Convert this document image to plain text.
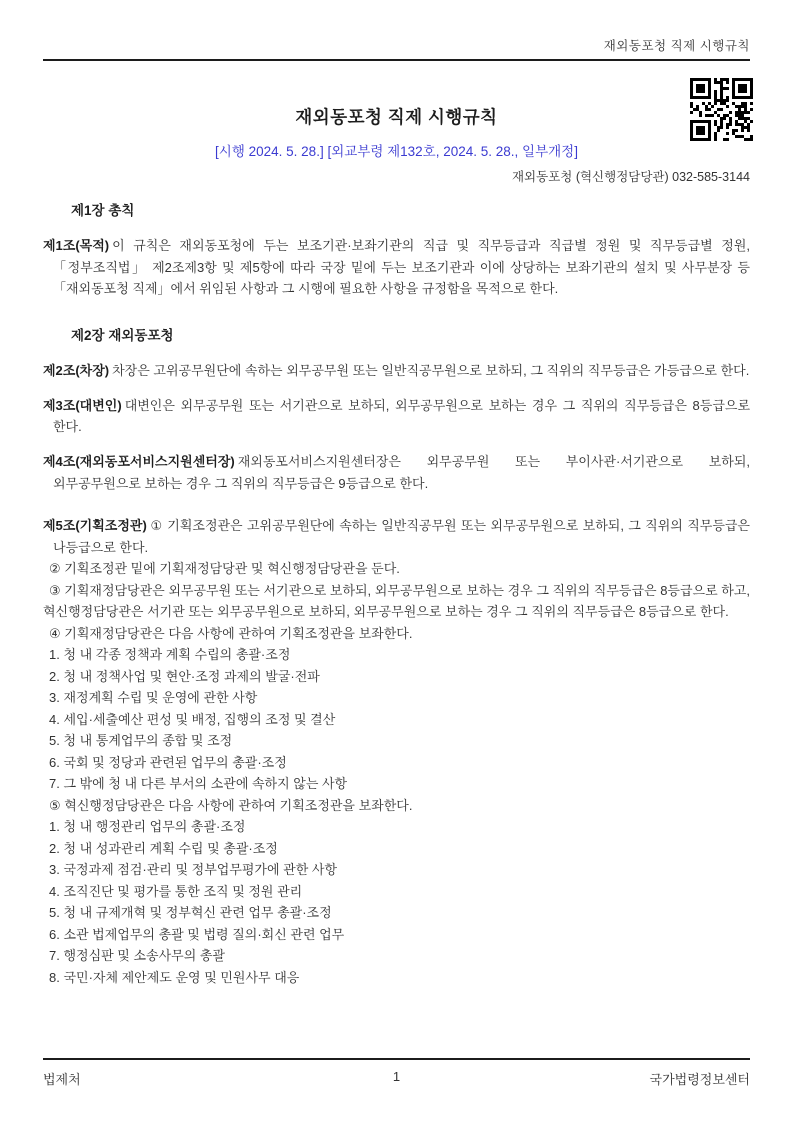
재외동포청 직제 시행규칙
재외동포청 직제 시행규칙
[시행 2024. 5. 28.] [외교부령 제132호, 2024. 5. 28., 일부개정]
재외동포청 (혁신행정담당관) 032-585-3144
제1장 총칙

제1조(목적) 이 규칙은 재외동포청에 두는 보조기관·보좌기관의 직급 및 직무등급과 직급별 정원 및 직무등급별 정원, 「정부조직법」 제2조제3항 및 제5항에 따라 국장 밑에 두는 보조기관과 이에 상당하는 보좌기관의 설치 및 사무분장 등 「재외동포청 직제」에서 위임된 사항과 그 시행에 필요한 사항을 규정함을 목적으로 한다.

제2장 재외동포청

제2조(차장) 차장은 고위공무원단에 속하는 외무공무원 또는 일반직공무원으로 보하되, 그 직위의 직무등급은 가등급으로 한다.

제3조(대변인) 대변인은 외무공무원 또는 서기관으로 보하되, 외무공무원으로 보하는 경우 그 직위의 직무등급은 8등급으로 한다.

제4조(재외동포서비스지원센터장) 재외동포서비스지원센터장은 외무공무원 또는 부이사관·서기관으로 보하되, 외무공무원으로 보하는 경우 그 직위의 직무등급은 9등급으로 한다.

제5조(기획조정관) ① 기획조정관은 고위공무원단에 속하는 일반직공무원 또는 외무공무원으로 보하되, 그 직위의 직무등급은 나등급으로 한다.

② 기획조정관 밑에 기획재정담당관 및 혁신행정담당관을 둔다.

③ 기획재정담당관은 외무공무원 또는 서기관으로 보하되, 외무공무원으로 보하는 경우 그 직위의 직무등급은 8등급으로 하고, 혁신행정담당관은 서기관 또는 외무공무원으로 보하되, 외무공무원으로 보하는 경우 그 직위의 직무등급은 8등급으로 한다.

④ 기획재정담당관은 다음 사항에 관하여 기획조정관을 보좌한다.

1. 청 내 각종 정책과 계획 수립의 총괄·조정

2. 청 내 정책사업 및 현안·조정 과제의 발굴·전파

3. 재정계획 수립 및 운영에 관한 사항

4. 세입·세출예산 편성 및 배정, 집행의 조정 및 결산

5. 청 내 통계업무의 종합 및 조정

6. 국회 및 정당과 관련된 업무의 총괄·조정

7. 그 밖에 청 내 다른 부서의 소관에 속하지 않는 사항

⑤ 혁신행정담당관은 다음 사항에 관하여 기획조정관을 보좌한다.

1. 청 내 행정관리 업무의 총괄·조정

2. 청 내 성과관리 계획 수립 및 총괄·조정

3. 국정과제 점검·관리 및 정부업무평가에 관한 사항

4. 조직진단 및 평가를 통한 조직 및 정원 관리

5. 청 내 규제개혁 및 정부혁신 관련 업무 총괄·조정

6. 소관 법제업무의 총괄 및 법령 질의·회신 관련 업무

7. 행정심판 및 소송사무의 총괄

8. 국민·자체 제안제도 운영 및 민원사무 대응

1
법제처	국가법령정보센터
